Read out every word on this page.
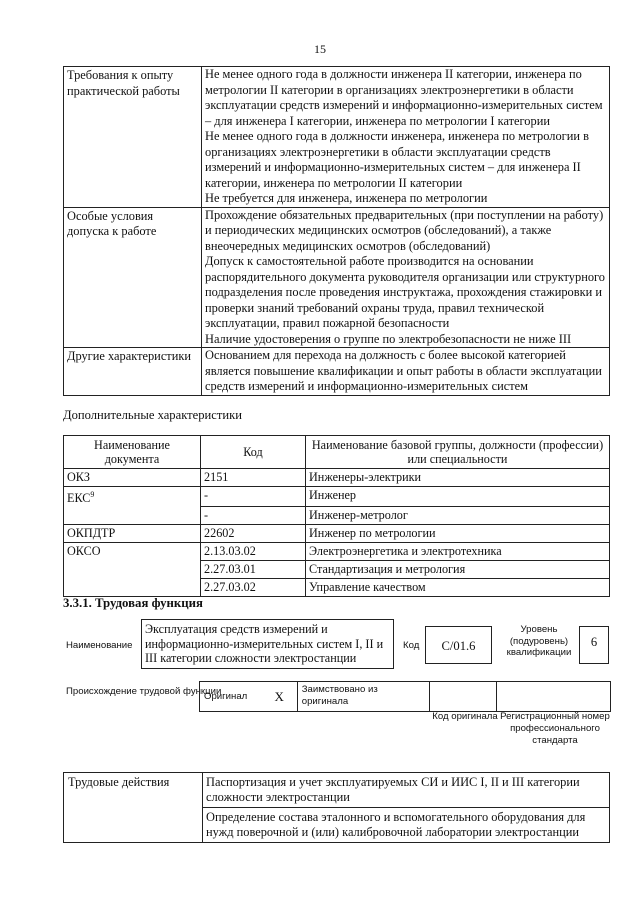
15
Требования к опыту практической работы	Не менее одного года в должности инженера II категории, инженера по метрологии II категории в организациях электроэнергетики в области эксплуатации средств измерений и информационно-измерительных систем – для инженера I категории, инженера по метрологии I категории
Не менее одного года в должности инженера, инженера по метрологии в организациях электроэнергетики в области эксплуатации средств измерений и информационно-измерительных систем – для инженера II категории, инженера по метрологии II категории
Не требуется для инженера, инженера по метрологии

Особые условия допуска к работе	Прохождение обязательных предварительных (при поступлении на работу) и периодических медицинских осмотров (обследований), а также внеочередных медицинских осмотров (обследований)
Допуск к самостоятельной работе производится на основании распорядительного документа руководителя организации или структурного подразделения после проведения инструктажа, прохождения стажировки и проверки знаний требований охраны труда, правил технической эксплуатации, правил пожарной безопасности
Наличие удостоверения о группе по электробезопасности не ниже III

Другие характеристики	Основанием для перехода на должность с более высокой категорией является повышение квалификации и опыт работы в области эксплуатации средств измерений и информационно-измерительных систем
Дополнительные характеристики
Наименование документа	Код	Наименование базовой группы, должности (профессии) или специальности
ОКЗ	2151	Инженеры-электрики
ЕКС$^9$	-	Инженер
	-	Инженер-метролог
ОКПДТР	22602	Инженер по метрологии
ОКСО	2.13.03.02	Электроэнергетика и электротехника
	2.27.03.01	Стандартизация и метрология
	2.27.03.02	Управление качеством
3.3.1. Трудовая функция
Наименование
Эксплуатация средств измерений и информационно-измерительных систем I, II и III категории сложности электростанции
Код	C/01.6
Уровень (подуровень) квалификации
6
Происхождение трудовой функции
Оригинал	X	Заимствовано из оригинала		
Код оригинала Регистрационный номер профессионального стандарта
Трудовые действия	Паспортизация и учет эксплуатируемых СИ и ИИС I, II и III категории сложности электростанции
Определение состава эталонного и вспомогательного оборудования для нужд поверочной и (или) калибровочной лаборатории электростанции
